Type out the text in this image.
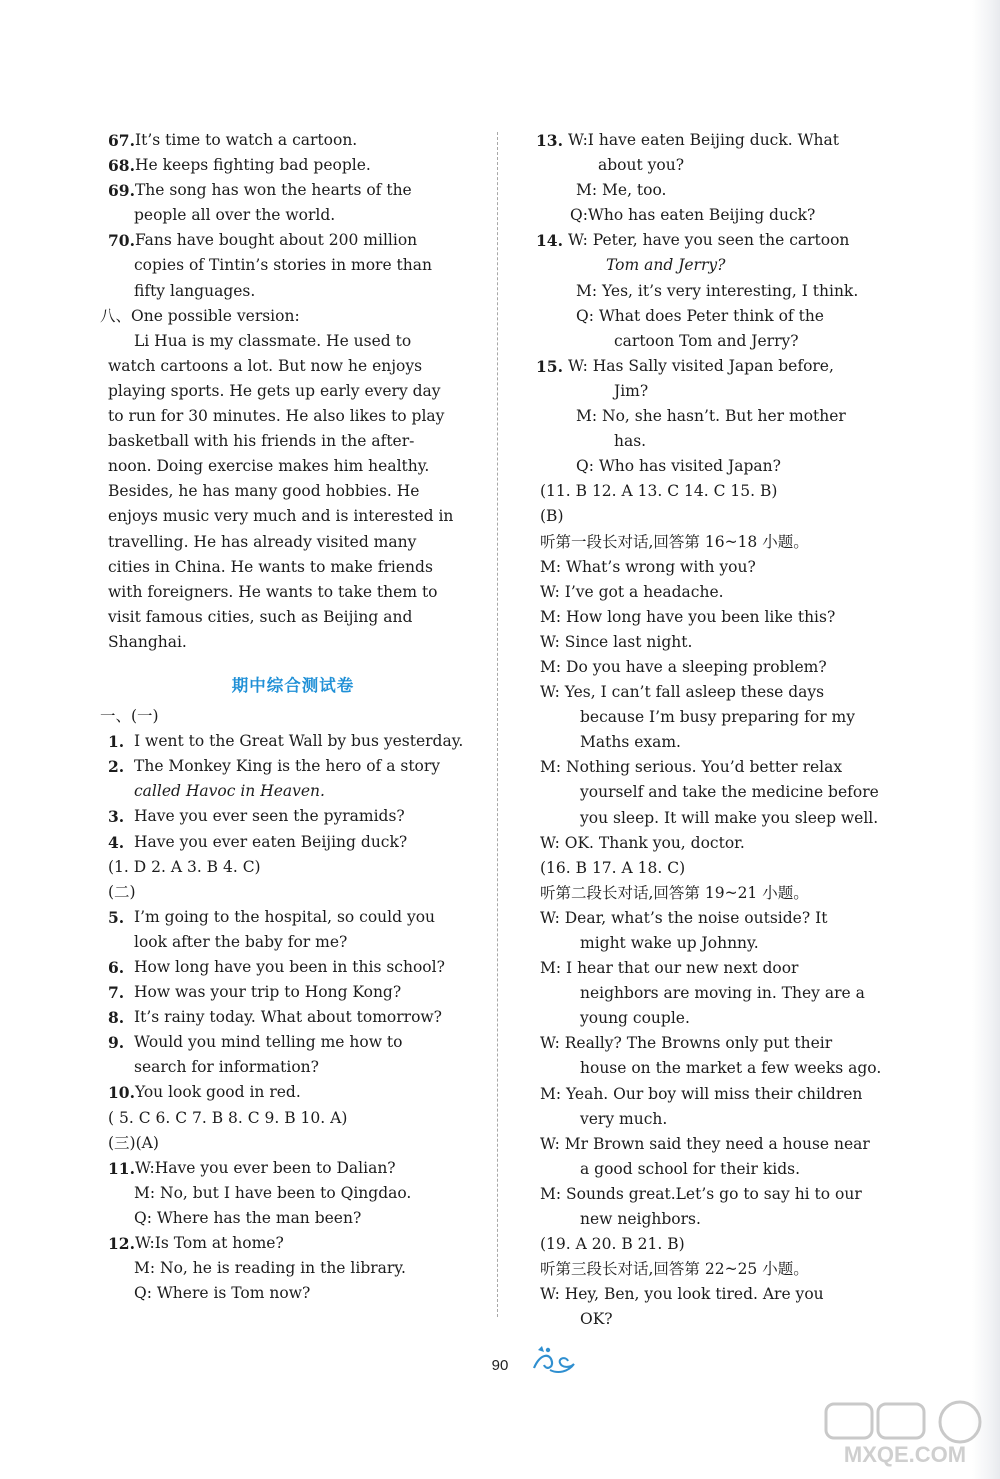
67. It’s time to watch a cartoon.
68. He keeps fighting bad people.
69. The song has won the hearts of the
people all over the world.
70. Fans have bought about 200 million
copies of Tintin’s stories in more than
fifty languages.
八、One possible version:
Li Hua is my classmate. He used to
watch cartoons a lot. But now he enjoys
playing sports. He gets up early every day
to run for 30 minutes. He also likes to play
basketball with his friends in the after-
noon. Doing exercise makes him healthy.
Besides, he has many good hobbies. He
enjoys music very much and is interested in
travelling. He has already visited many
cities in China. He wants to make friends
with foreigners. He wants to take them to
visit famous cities, such as Beijing and
Shanghai.
期中综合测试卷
一、(一)
1. I went to the Great Wall by bus yesterday.
2. The Monkey King is the hero of a story
called Havoc in Heaven.
3. Have you ever seen the pyramids?
4. Have you ever eaten Beijing duck?
(1. D 2. A 3. B 4. C)
(二)
5. I’m going to the hospital, so could you
look after the baby for me?
6. How long have you been in this school?
7. How was your trip to Hong Kong?
8. It’s rainy today. What about tomorrow?
9. Would you mind telling me how to
search for information?
10. You look good in red.
( 5. C 6. C 7. B 8. C 9. B 10. A)
(三)(A)
11. W:Have you ever been to Dalian?
M: No, but I have been to Qingdao.
Q: Where has the man been?
12. W:Is Tom at home?
M: No, he is reading in the library.
Q: Where is Tom now?
13. W:I have eaten Beijing duck. What
about you?
M: Me, too.
Q:Who has eaten Beijing duck?
14. W: Peter, have you seen the cartoon
Tom and Jerry?
M: Yes, it’s very interesting, I think.
Q: What does Peter think of the
cartoon Tom and Jerry?
15. W: Has Sally visited Japan before,
Jim?
M: No, she hasn’t. But her mother
has.
Q: Who has visited Japan?
(11. B 12. A 13. C 14. C 15. B)
(B)
听第一段长对话,回答第 16~18 小题。
M: What’s wrong with you?
W: I’ve got a headache.
M: How long have you been like this?
W: Since last night.
M: Do you have a sleeping problem?
W: Yes, I can’t fall asleep these days
because I’m busy preparing for my
Maths exam.
M: Nothing serious. You’d better relax
yourself and take the medicine before
you sleep. It will make you sleep well.
W: OK. Thank you, doctor.
(16. B 17. A 18. C)
听第二段长对话,回答第 19~21 小题。
W: Dear, what’s the noise outside? It
might wake up Johnny.
M: I hear that our new next door
neighbors are moving in. They are a
young couple.
W: Really? The Browns only put their
house on the market a few weeks ago.
M: Yeah. Our boy will miss their children
very much.
W: Mr Brown said they need a house near
a good school for their kids.
M: Sounds great.Let’s go to say hi to our
new neighbors.
(19. A 20. B 21. B)
听第三段长对话,回答第 22~25 小题。
W: Hey, Ben, you look tired. Are you
OK?
90
MXQE.COM
